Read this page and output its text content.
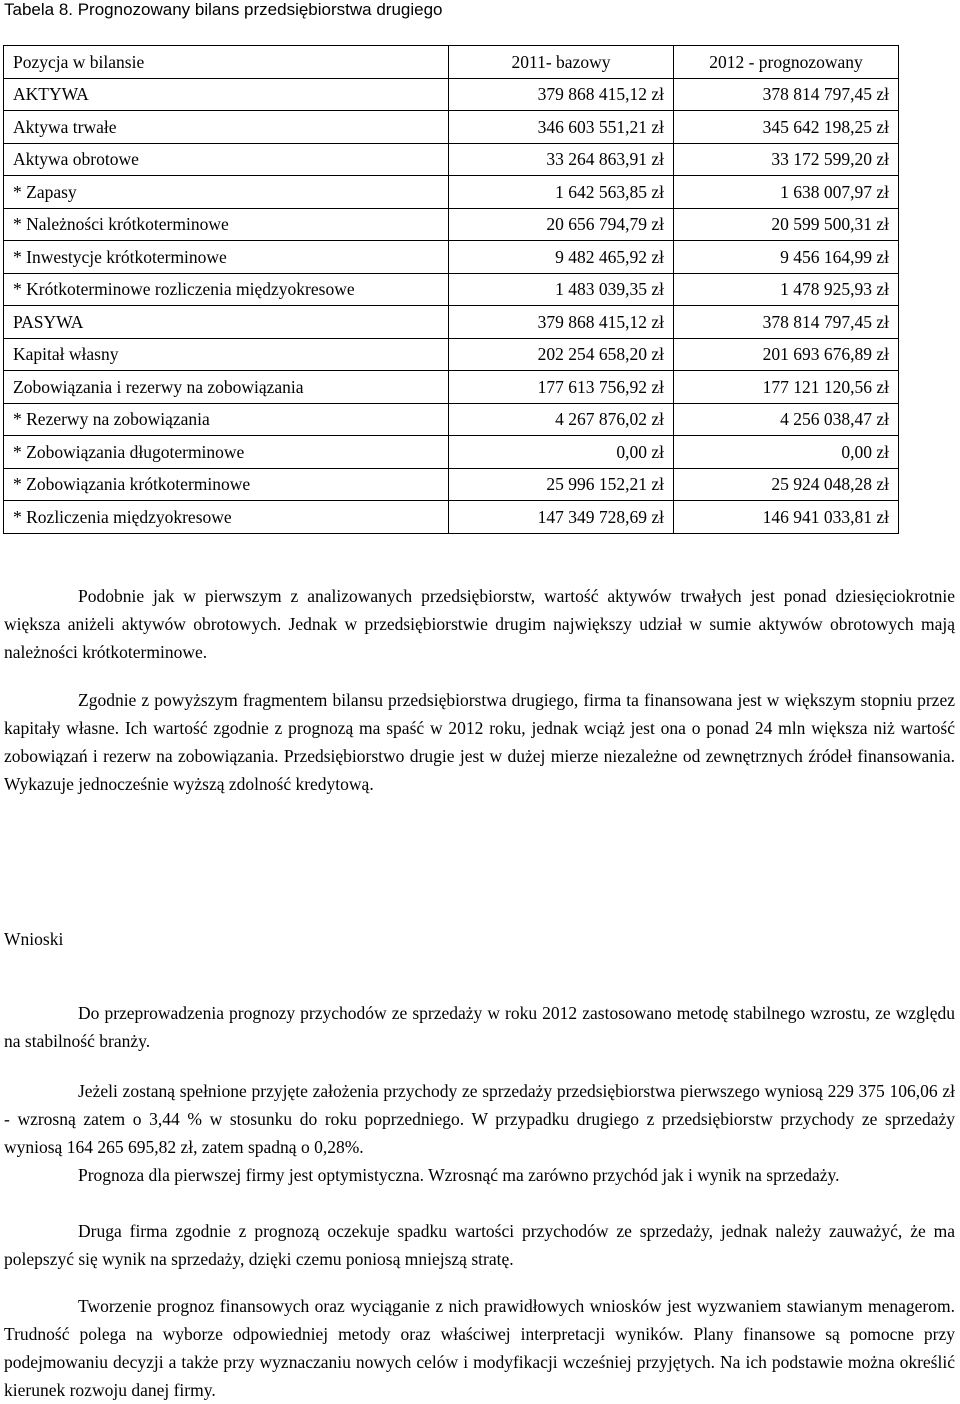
Tabela 8. Prognozowany bilans przedsiębiorstwa drugiego
Pozycja w bilansie	2011- bazowy	2012 - prognozowany
AKTYWA	379 868 415,12 zł	378 814 797,45 zł
Aktywa trwałe	346 603 551,21 zł	345 642 198,25 zł
Aktywa obrotowe	33 264 863,91 zł	33 172 599,20 zł
* Zapasy	1 642 563,85 zł	1 638 007,97 zł
* Należności krótkoterminowe	20 656 794,79 zł	20 599 500,31 zł
* Inwestycje krótkoterminowe	9 482 465,92 zł	9 456 164,99 zł
* Krótkoterminowe rozliczenia międzyokresowe	1 483 039,35 zł	1 478 925,93 zł
PASYWA	379 868 415,12 zł	378 814 797,45 zł
Kapitał własny	202 254 658,20 zł	201 693 676,89 zł
Zobowiązania i rezerwy na zobowiązania	177 613 756,92 zł	177 121 120,56 zł
* Rezerwy na zobowiązania	4 267 876,02 zł	4 256 038,47 zł
* Zobowiązania długoterminowe	0,00 zł	0,00 zł
* Zobowiązania krótkoterminowe	25 996 152,21 zł	25 924 048,28 zł
* Rozliczenia międzyokresowe	147 349 728,69 zł	146 941 033,81 zł

Podobnie jak w pierwszym z analizowanych przedsiębiorstw, wartość aktywów trwałych jest ponad dziesięciokrotnie większa aniżeli aktywów obrotowych. Jednak w przedsiębiorstwie drugim największy udział w sumie aktywów obrotowych mają należności krótkoterminowe.

Zgodnie z powyższym fragmentem bilansu przedsiębiorstwa drugiego, firma ta finansowana jest w większym stopniu przez kapitały własne. Ich wartość zgodnie z prognozą ma spaść w 2012 roku, jednak wciąż jest ona o ponad 24 mln większa niż wartość zobowiązań i rezerw na zobowiązania. Przedsiębiorstwo drugie jest w dużej mierze niezależne od zewnętrznych źródeł finansowania. Wykazuje jednocześnie wyższą zdolność kredytową.

Wnioski

Do przeprowadzenia prognozy przychodów ze sprzedaży w roku 2012 zastosowano metodę stabilnego wzrostu, ze względu na stabilność branży.

Jeżeli zostaną spełnione przyjęte założenia przychody ze sprzedaży przedsiębiorstwa pierwszego wyniosą 229 375 106,06 zł - wzrosną zatem o 3,44 % w stosunku do roku poprzedniego. W przypadku drugiego z przedsiębiorstw przychody ze sprzedaży wyniosą 164 265 695,82 zł, zatem spadną o 0,28%.

Prognoza dla pierwszej firmy jest optymistyczna. Wzrosnąć ma zarówno przychód jak i wynik na sprzedaży.

Druga firma zgodnie z prognozą oczekuje spadku wartości przychodów ze sprzedaży, jednak należy zauważyć, że ma polepszyć się wynik na sprzedaży, dzięki czemu poniosą mniejszą stratę.

Tworzenie prognoz finansowych oraz wyciąganie z nich prawidłowych wniosków jest wyzwaniem stawianym menagerom. Trudność polega na wyborze odpowiedniej metody oraz właściwej interpretacji wyników. Plany finansowe są pomocne przy podejmowaniu decyzji a także przy wyznaczaniu nowych celów i modyfikacji wcześniej przyjętych. Na ich podstawie można określić kierunek rozwoju danej firmy.
